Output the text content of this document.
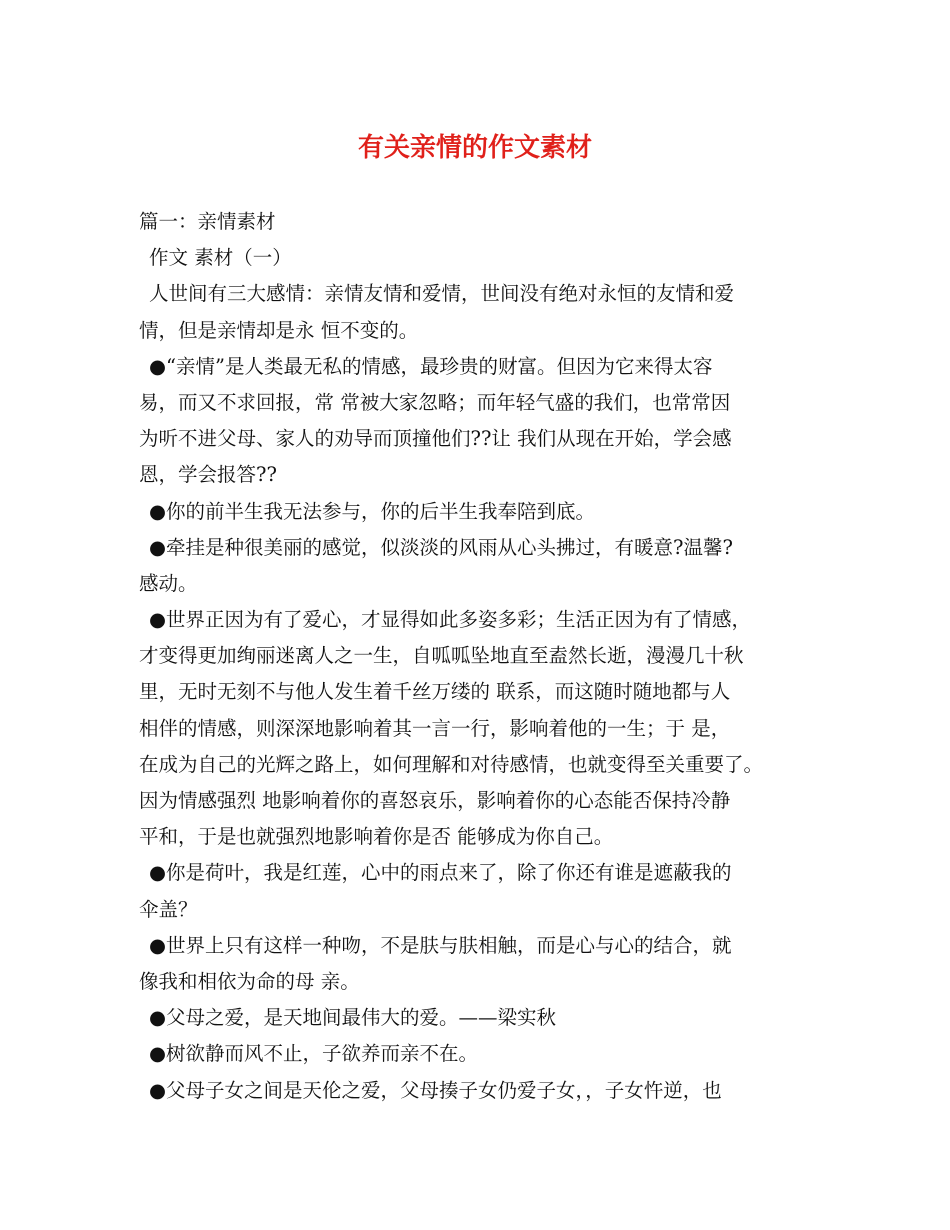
有关亲情的作文素材
篇一：亲情素材
作文 素材（一）
人世间有三大感情：亲情友情和爱情，世间没有绝对永恒的友情和爱
情，但是亲情却是永 恒不变的。
●“亲情”是人类最无私的情感，最珍贵的财富。但因为它来得太容
易，而又不求回报，常 常被大家忽略；而年轻气盛的我们，也常常因
为听不进父母、家人的劝导而顶撞他们??让 我们从现在开始，学会感
恩，学会报答??
●你的前半生我无法参与，你的后半生我奉陪到底。
●牵挂是种很美丽的感觉，似淡淡的风雨从心头拂过，有暖意?温馨?
感动。
●世界正因为有了爱心，才显得如此多姿多彩；生活正因为有了情感，
才变得更加绚丽迷离人之一生，自呱呱坠地直至盍然长逝，漫漫几十秋
里，无时无刻不与他人发生着千丝万缕的 联系，而这随时随地都与人
相伴的情感，则深深地影响着其一言一行，影响着他的一生；于 是，
在成为自己的光辉之路上，如何理解和对待感情，也就变得至关重要了。
因为情感强烈 地影响着你的喜怒哀乐，影响着你的心态能否保持冷静
平和，于是也就强烈地影响着你是否 能够成为你自己。
●你是荷叶，我是红莲，心中的雨点来了，除了你还有谁是遮蔽我的
伞盖？
●世界上只有这样一种吻，不是肤与肤相触，而是心与心的结合，就
像我和相依为命的母 亲。
●父母之爱，是天地间最伟大的爱。——梁实秋
●树欲静而风不止，子欲养而亲不在。
●父母子女之间是天伦之爱，父母揍子女仍爱子女，，子女忤逆，也
